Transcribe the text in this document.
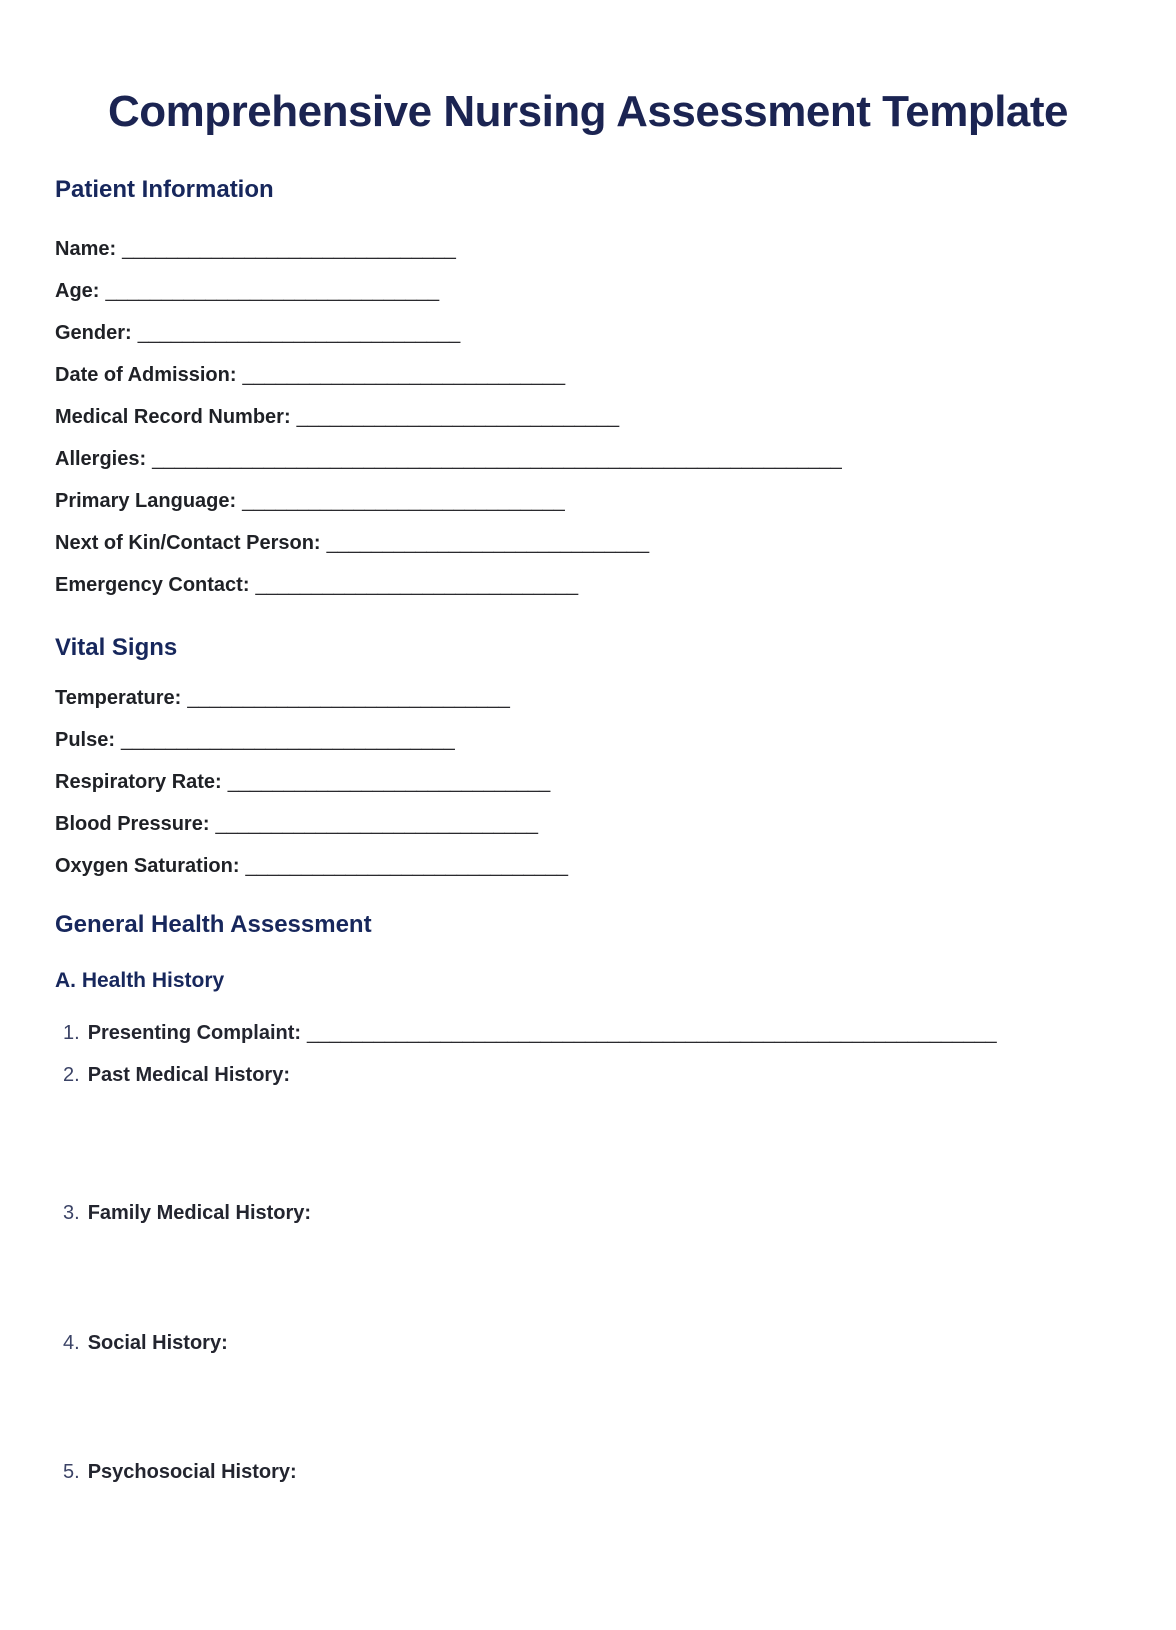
Comprehensive Nursing Assessment Template
Patient Information
Name: ______________________________
Age: ______________________________
Gender: _____________________________
Date of Admission: _____________________________
Medical Record Number: _____________________________
Allergies: ______________________________________________________________
Primary Language: _____________________________
Next of Kin/Contact Person: _____________________________
Emergency Contact: _____________________________
Vital Signs
Temperature: _____________________________
Pulse: ______________________________
Respiratory Rate: _____________________________
Blood Pressure: _____________________________
Oxygen Saturation: _____________________________
General Health Assessment
A. Health History
1. Presenting Complaint: ______________________________________________________________
2. Past Medical History:
3. Family Medical History:
4. Social History:
5. Psychosocial History:
